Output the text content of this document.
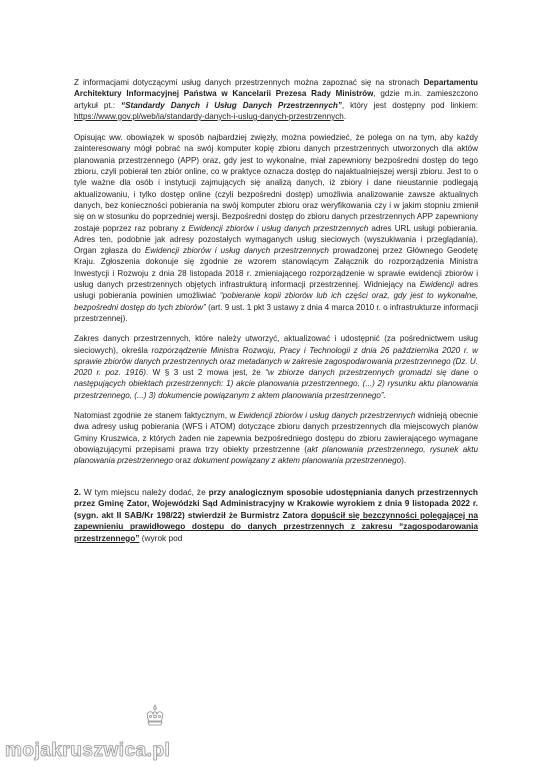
Z informacjami dotyczącymi usług danych przestrzennych można zapoznać się na stronach Departamentu Architektury Informacyjnej Państwa w Kancelarii Prezesa Rady Ministrów, gdzie m.in. zamieszczono artykuł pt.: “Standardy Danych i Usług Danych Przestrzennych”, który jest dostępny pod linkiem: https://www.gov.pl/web/ia/standardy-danych-i-uslug-danych-przestrzennych.

Opisując ww. obowiązek w sposób najbardziej zwięzły, można powiedzieć, że polega on na tym, aby każdy zainteresowany mógł pobrać na swój komputer kopię zbioru danych przestrzennych utworzonych dla aktów planowania przestrzennego (APP) oraz, gdy jest to wykonalne, miał zapewniony bezpośredni dostęp do tego zbioru, czyli pobierał ten zbiór online, co w praktyce oznacza dostęp do najaktualniejszej wersji zbioru. Jest to o tyle ważne dla osób i instytucji zajmujących się analizą danych, iż zbiory i dane nieustannie podlegają aktualizowaniu, i tylko dostęp online (czyli bezpośredni dostęp) umożliwia analizowanie zawsze aktualnych danych, bez konieczności pobierania na swój komputer zbioru oraz weryfikowania czy i w jakim stopniu zmienił się on w stosunku do poprzedniej wersji. Bezpośredni dostęp do zbioru danych przestrzennych APP zapewniony zostaje poprzez raz pobrany z Ewidencji zbiorów i usług danych przestrzennych adres URL usługi pobierania. Adres ten, podobnie jak adresy pozostałych wymaganych usług sieciowych (wyszukiwania i przeglądania), Organ zgłasza do Ewidencji zbiorów i usług danych przestrzennych prowadzonej przez Głównego Geodetę Kraju. Zgłoszenia dokonuje się zgodnie ze wzorem stanowiącym Załącznik do rozporządzenia Ministra Inwestycji i Rozwoju z dnia 28 listopada 2018 r. zmieniającego rozporządzenie w sprawie ewidencji zbiorów i usług danych przestrzennych objętych infrastrukturą informacji przestrzennej. Widniejący na Ewidencji adres usługi pobierania powinien umożliwiać “pobieranie kopii zbiorów lub ich części oraz, gdy jest to wykonalne, bezpośredni dostęp do tych zbiorów” (art. 9 ust. 1 pkt 3 ustawy z dnia 4 marca 2010 r. o infrastrukturze informacji przestrzennej).

Zakres danych przestrzennych, które należy utworzyć, aktualizować i udostępnić (za pośrednictwem usług sieciowych), określa rozporządzenie Ministra Rozwoju, Pracy i Technologii z dnia 26 października 2020 r. w sprawie zbiorów danych przestrzennych oraz metadanych w zakresie zagospodarowania przestrzennego (Dz. U. 2020 r. poz. 1916). W § 3 ust 2 mowa jest, że “w zbiorze danych przestrzennych gromadzi się dane o następujących obiektach przestrzennych: 1) akcie planowania przestrzennego, (...) 2) rysunku aktu planowania przestrzennego, (...) 3) dokumencie powiązanym z aktem planowania przestrzennego”.

Natomiast zgodnie ze stanem faktycznym, w Ewidencji zbiorów i usług danych przestrzennych widnieją obecnie dwa adresy usług pobierania (WFS i ATOM) dotyczące zbioru danych przestrzennych dla miejscowych planów Gminy Kruszwica, z których żaden nie zapewnia bezpośredniego dostępu do zbioru zawierającego wymagane obowiązującymi przepisami prawa trzy obiekty przestrzenne (akt planowania przestrzennego, rysunek aktu planowania przestrzennego oraz dokument powiązany z aktem planowania przestrzennego).

2. W tym miejscu należy dodać, że przy analogicznym sposobie udostępniania danych przestrzennych przez Gminę Zator, Wojewódzki Sąd Administracyjny w Krakowie wyrokiem z dnia 9 listopada 2022 r. (sygn. akt II SAB/Kr 198/22) stwierdził że Burmistrz Zatora dopuścił się bezczynności polegającej na zapewnieniu prawidłowego dostępu do danych przestrzennych z zakresu “zagospodarowania przestrzennego” (wyrok pod

mojakruszwica.pl
